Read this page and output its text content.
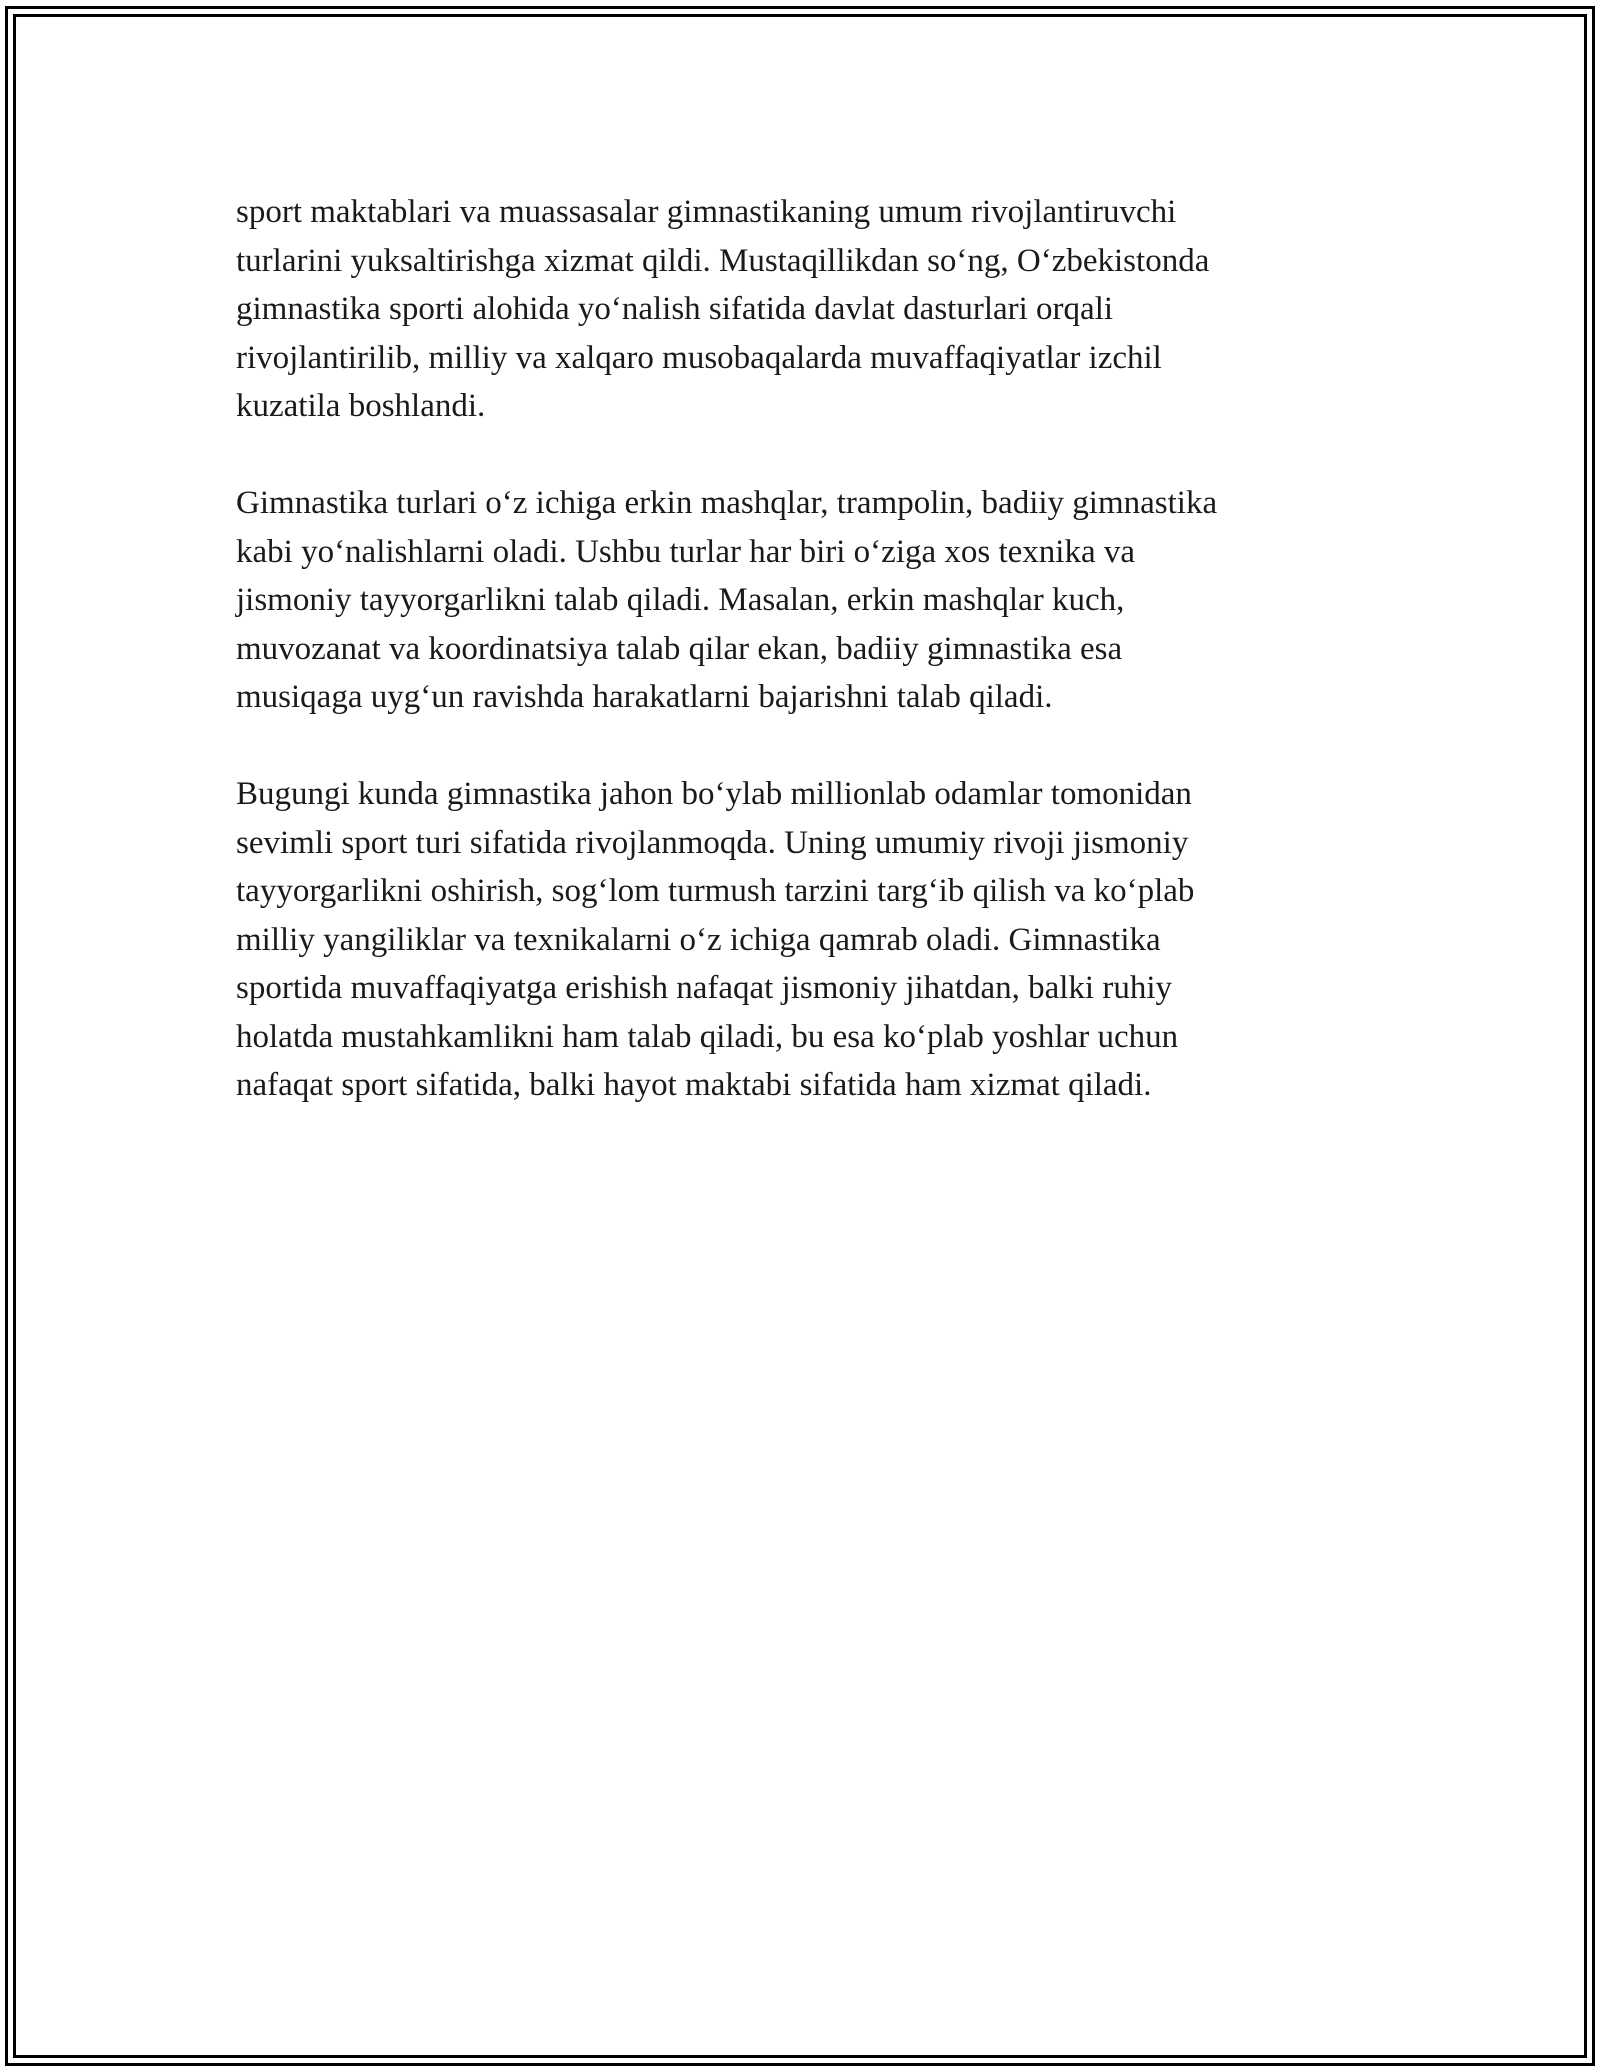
sport maktablari va muassasalar gimnastikaning umum rivojlantiruvchi
turlarini yuksaltirishga xizmat qildi. Mustaqillikdan so‘ng, O‘zbekistonda
gimnastika sporti alohida yo‘nalish sifatida davlat dasturlari orqali
rivojlantirilib, milliy va xalqaro musobaqalarda muvaffaqiyatlar izchil
kuzatila boshlandi.

Gimnastika turlari o‘z ichiga erkin mashqlar, trampolin, badiiy gimnastika
kabi yo‘nalishlarni oladi. Ushbu turlar har biri o‘ziga xos texnika va
jismoniy tayyorgarlikni talab qiladi. Masalan, erkin mashqlar kuch,
muvozanat va koordinatsiya talab qilar ekan, badiiy gimnastika esa
musiqaga uyg‘un ravishda harakatlarni bajarishni talab qiladi.

Bugungi kunda gimnastika jahon bo‘ylab millionlab odamlar tomonidan
sevimli sport turi sifatida rivojlanmoqda. Uning umumiy rivoji jismoniy
tayyorgarlikni oshirish, sog‘lom turmush tarzini targ‘ib qilish va ko‘plab
milliy yangiliklar va texnikalarni o‘z ichiga qamrab oladi. Gimnastika
sportida muvaffaqiyatga erishish nafaqat jismoniy jihatdan, balki ruhiy
holatda mustahkamlikni ham talab qiladi, bu esa ko‘plab yoshlar uchun
nafaqat sport sifatida, balki hayot maktabi sifatida ham xizmat qiladi.
